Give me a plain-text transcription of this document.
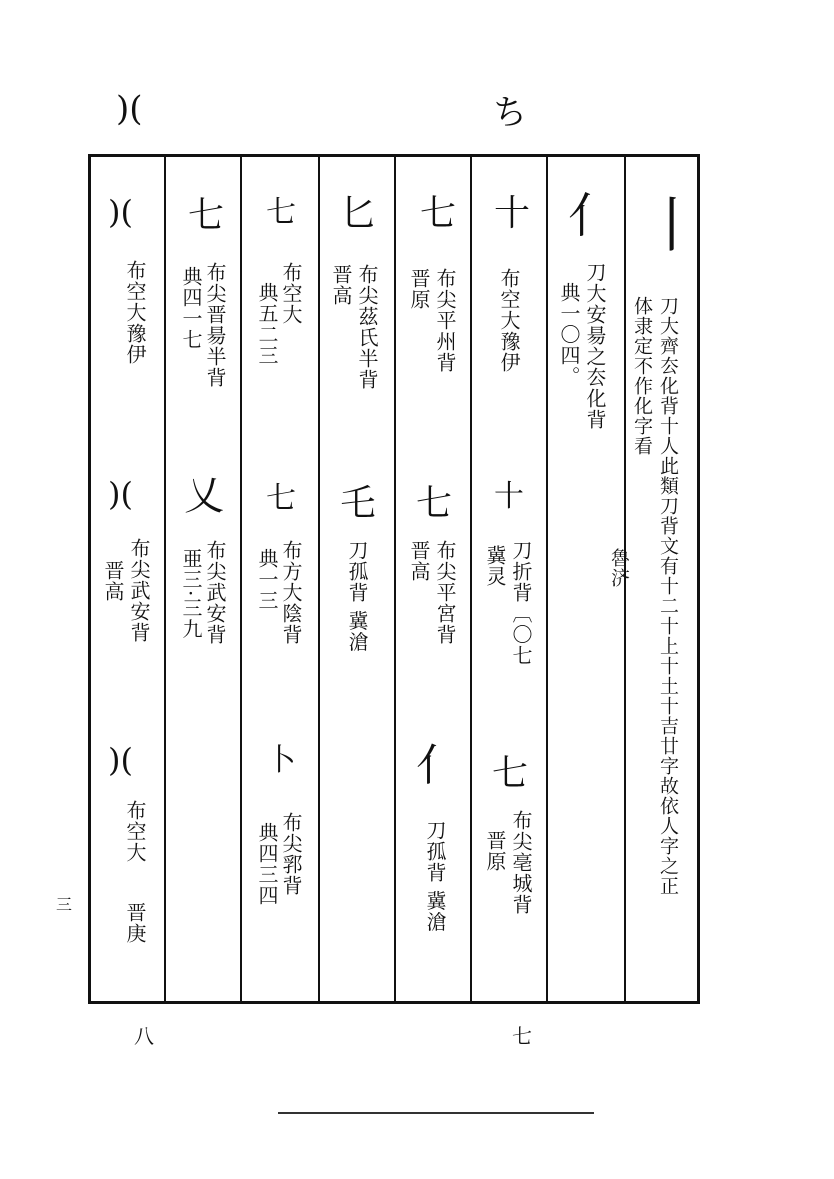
)(	ち
丨
刀大齊厺化背十人此類刀背文有十二十上十土十吉廿字故依人字之正
体隶定不作化字看
魯济
亻
刀大安昜之厺化背
典一〇四。
十
布空大豫伊
十
刀折背〔〇七
冀灵
七
布尖亳城背
晋原
七
布尖平州背
晋原
七
布尖平宮背
晋高
亻
刀孤背 冀滄
匕
布尖茲氏半背
晋高
乇
刀孤背 冀滄
七
布空大
典五二三
七
布方大陰背
典一三
卜
布尖郛背
典四三四
七
布尖晋昜半背
典四一七
乂
布尖武安背
亜三·三九
)(
布空大豫伊
)(
布尖武安背
晋高
)(
布空大
晋庚
三
八	七
